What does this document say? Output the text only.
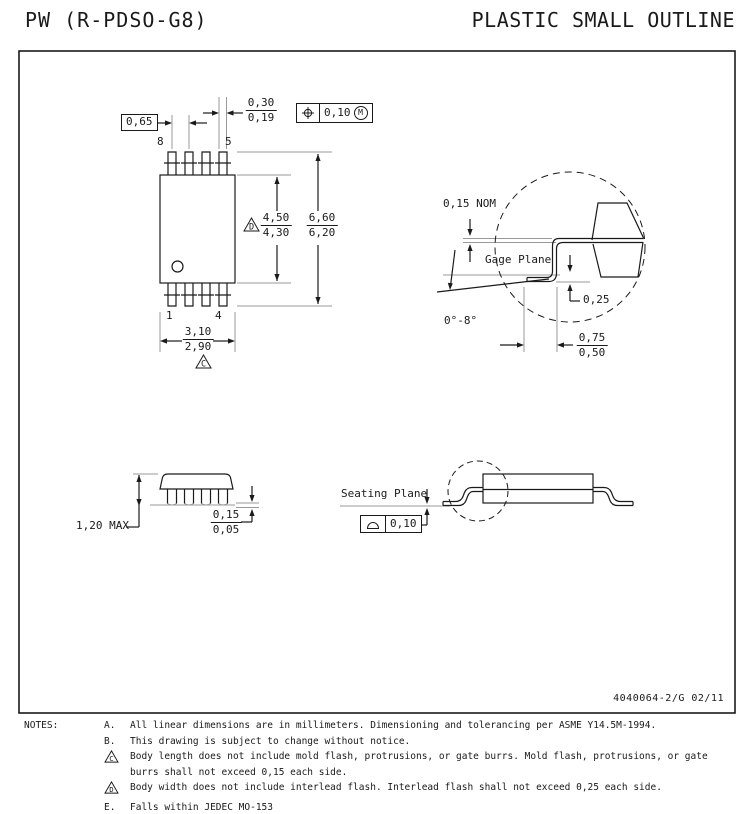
PW (R-PDSO-G8)	PLASTIC SMALL OUTLINE
0,65
8	5
$\frac{0,30}{0,19}$	0,10 M
D $\frac{4,50}{4,30} \frac{6,60}{6,20}$
1	4
$\frac{3,10}{2,90}$
C
0,15 NOM
Gage Plane
0,25
0°-8°
$\frac{0,75}{0,50}$
1,20 MAX	$\frac{0,15}{0,05}$
Seating Plane
0,10
4040064-2/G 02/11
NOTES:	A.	All linear dimensions are in millimeters. Dimensioning and tolerancing per ASME Y14.5M-1994.
B.	This drawing is subject to change without notice.
C Body length does not include mold flash, protrusions, or gate burrs. Mold flash, protrusions, or gate burrs shall not exceed 0,15 each side.
D Body width does not include interlead flash. Interlead flash shall not exceed 0,25 each side.
E.	Falls within JEDEC MO-153
